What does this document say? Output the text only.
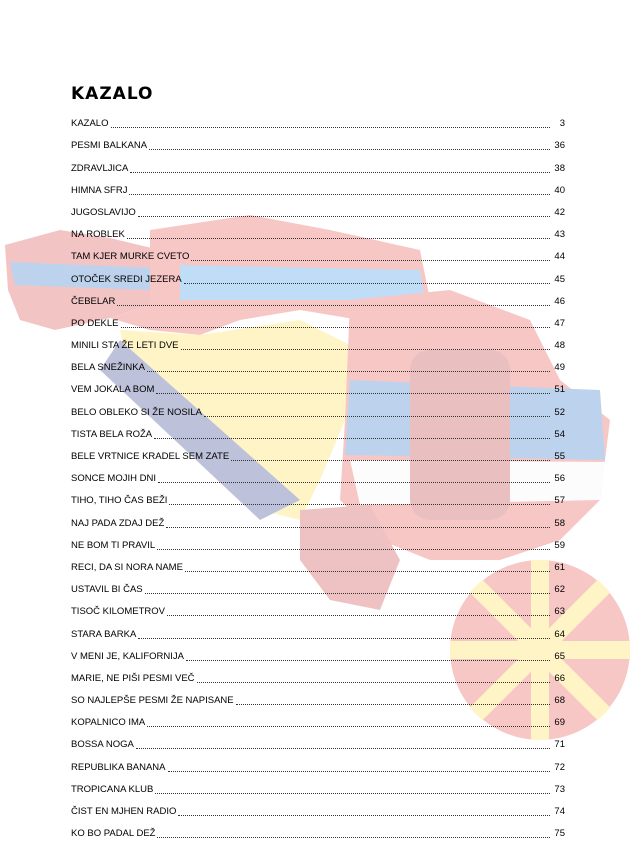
KAZALO
KAZALO	3
PESMI BALKANA	36
ZDRAVLJICA	38
HIMNA SFRJ	40
JUGOSLAVIJO	42
NA ROBLEK	43
TAM KJER MURKE CVETO	44
OTOČEK SREDI JEZERA	45
ČEBELAR	46
PO DEKLE	47
MINILI STA ŽE LETI DVE	48
BELA SNEŽINKA	49
VEM JOKALA BOM	51
BELO OBLEKO SI ŽE NOSILA	52
TISTA BELA ROŽA	54
BELE VRTNICE KRADEL SEM ZATE	55
SONCE MOJIH DNI	56
TIHO, TIHO ČAS BEŽI	57
NAJ PADA ZDAJ DEŽ	58
NE BOM TI PRAVIL	59
RECI, DA SI NORA NAME	61
USTAVIL BI ČAS	62
TISOČ KILOMETROV	63
STARA BARKA	64
V MENI JE, KALIFORNIJA	65
MARIE, NE PIŠI PESMI VEČ	66
SO NAJLEPŠE PESMI ŽE NAPISANE	68
KOPALNICO IMA	69
BOSSA NOGA	71
REPUBLIKA BANANA	72
TROPICANA KLUB	73
ČIST EN MJHEN RADIO	74
KO BO PADAL DEŽ	75
